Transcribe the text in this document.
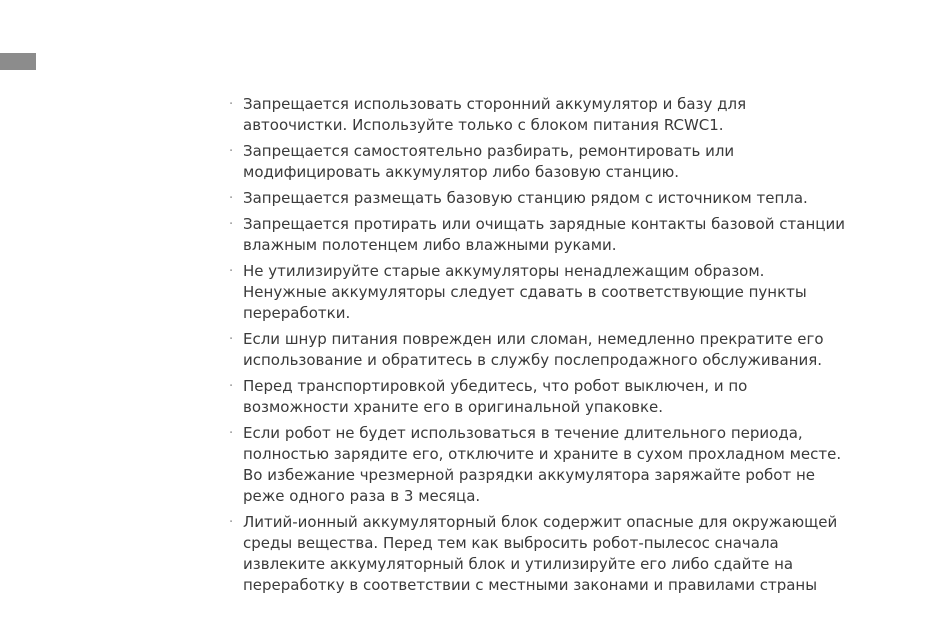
· Запрещается использовать сторонний аккумулятор и базу для
автоочистки. Используйте только с блоком питания RCWC1.
· Запрещается самостоятельно разбирать, ремонтировать или
модифицировать аккумулятор либо базовую станцию.
· Запрещается размещать базовую станцию рядом с источником тепла.
· Запрещается протирать или очищать зарядные контакты базовой станции
влажным полотенцем либо влажными руками.
· Не утилизируйте старые аккумуляторы ненадлежащим образом.
Ненужные аккумуляторы следует сдавать в соответствующие пункты
переработки.
· Если шнур питания поврежден или сломан, немедленно прекратите его
использование и обратитесь в службу послепродажного обслуживания.
· Перед транспортировкой убедитесь, что робот выключен, и по
возможности храните его в оригинальной упаковке.
· Если робот не будет использоваться в течение длительного периода,
полностью зарядите его, отключите и храните в сухом прохладном месте.
Во избежание чрезмерной разрядки аккумулятора заряжайте робот не
реже одного раза в 3 месяца.
· Литий-ионный аккумуляторный блок содержит опасные для окружающей
среды вещества. Перед тем как выбросить робот-пылесос сначала
извлеките аккумуляторный блок и утилизируйте его либо сдайте на
переработку в соответствии с местными законами и правилами страны
